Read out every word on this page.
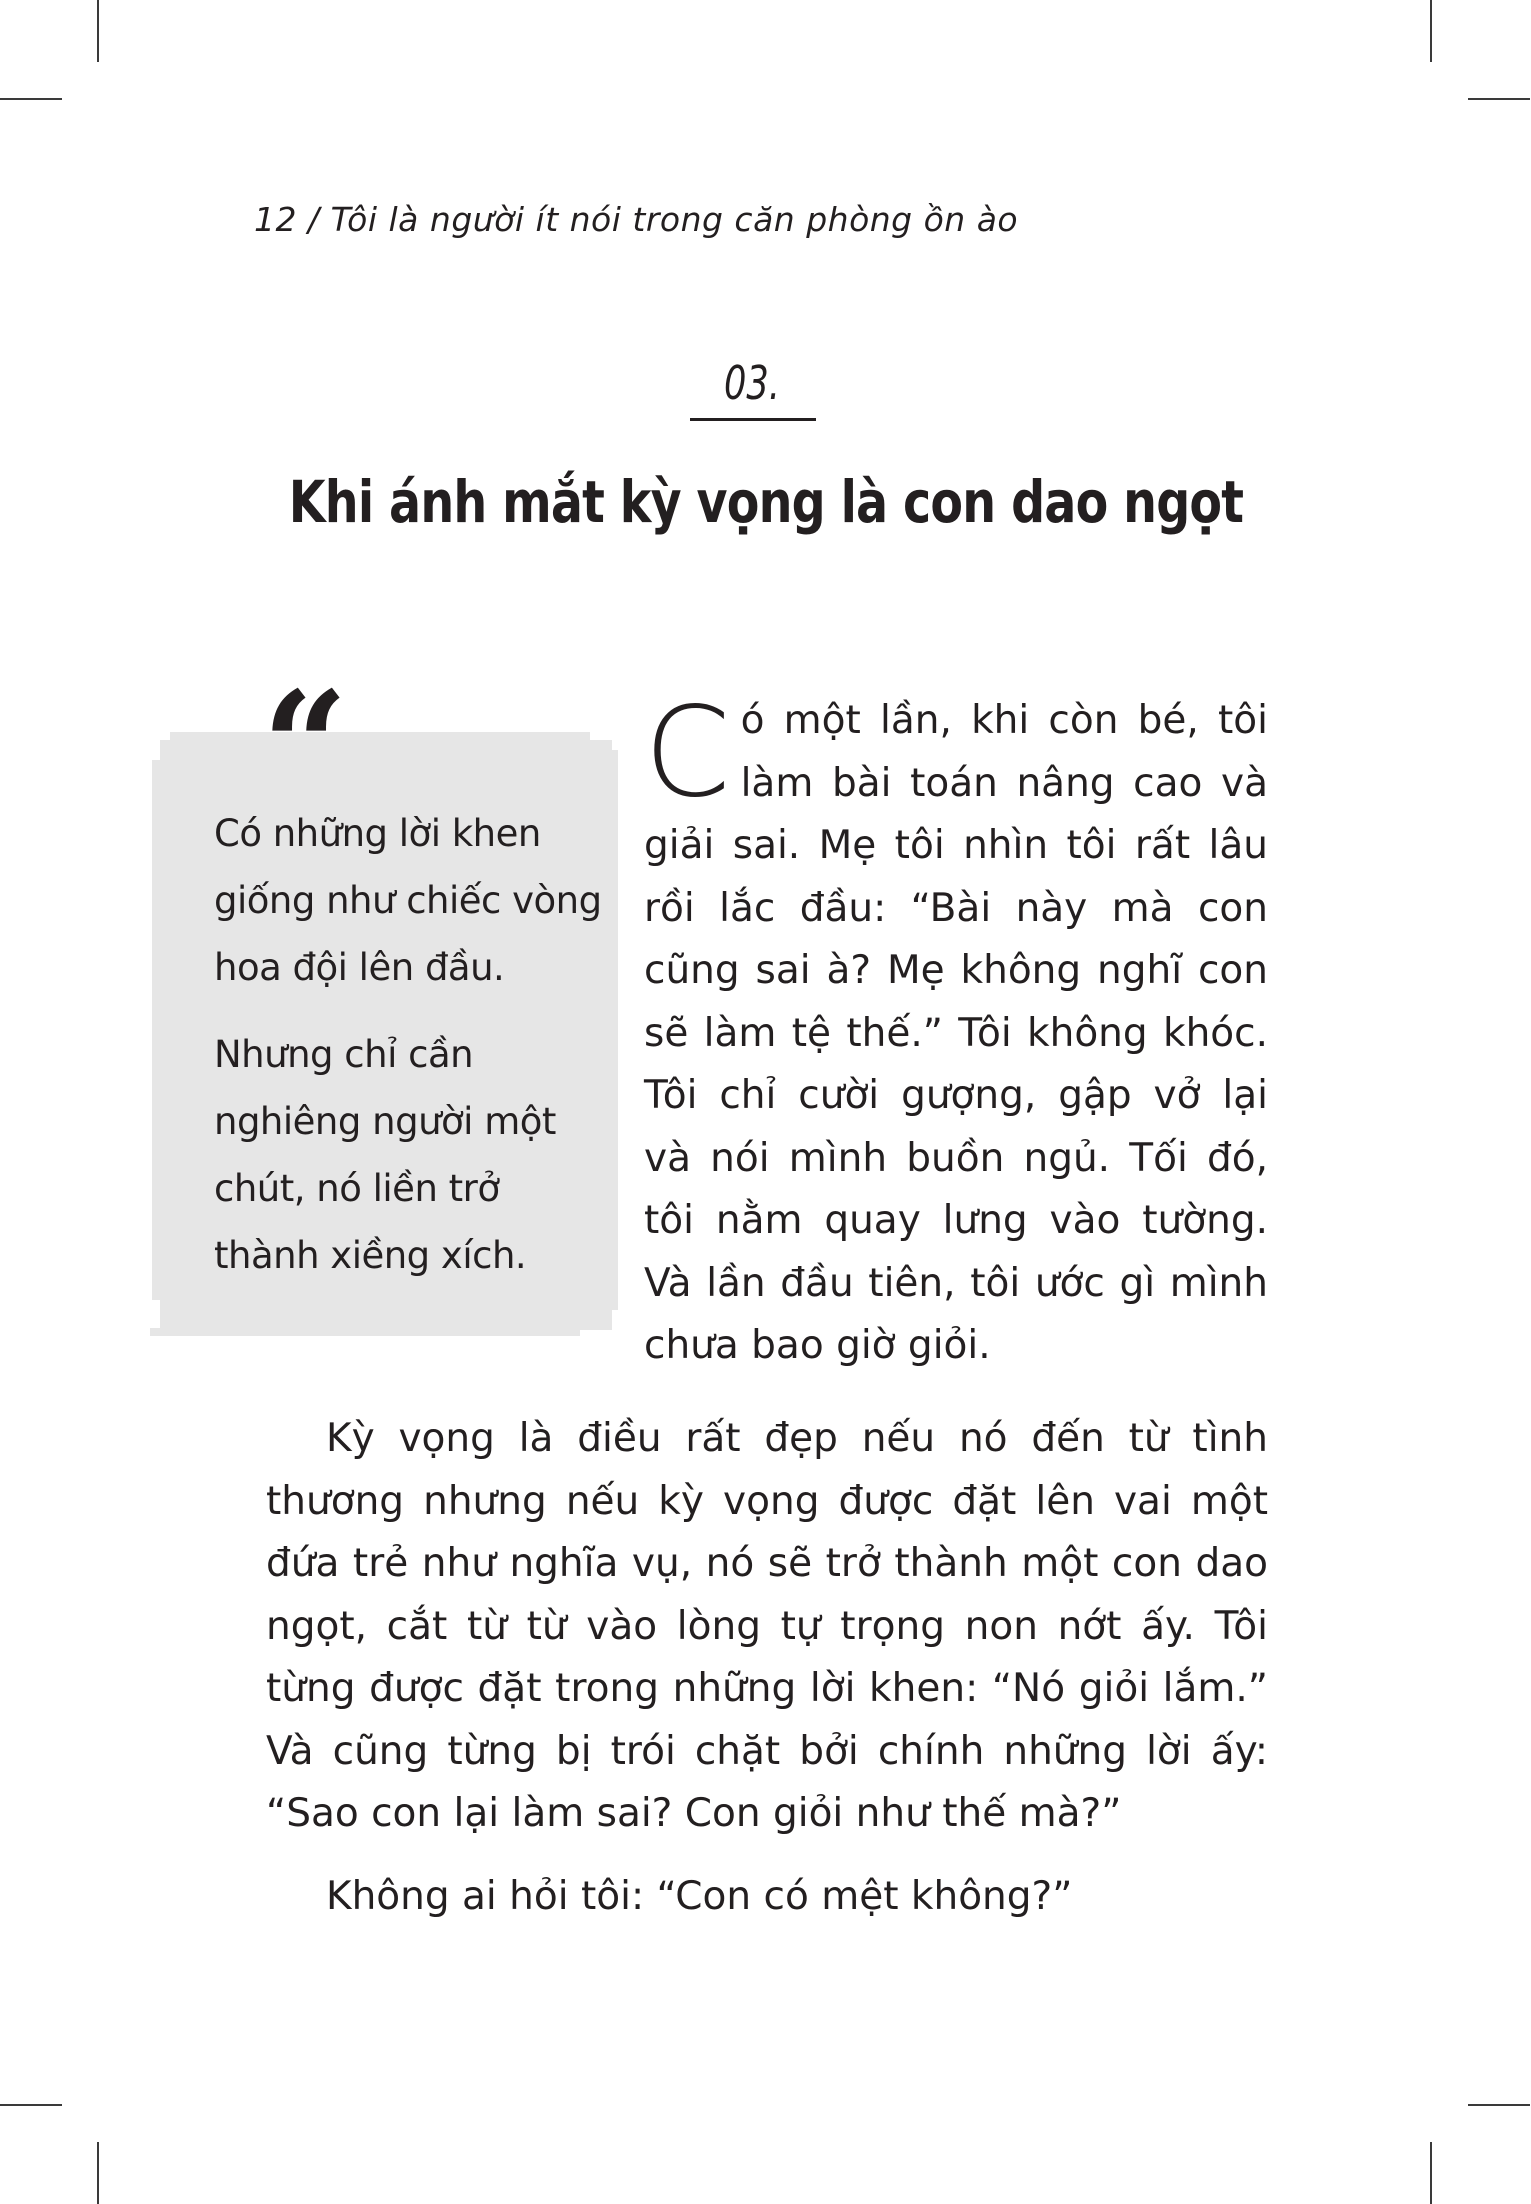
12 / Tôi là người ít nói trong căn phòng ồn ào
03.
Khi ánh mắt kỳ vọng là con dao ngọt
“

Có những lời khen giống như chiếc vòng hoa đội lên đầu.

Nhưng chỉ cần nghiêng người một chút, nó liền trở thành xiềng xích.

Có một lần, khi còn bé, tôi làm bài toán nâng cao và giải sai. Mẹ tôi nhìn tôi rất lâu rồi lắc đầu: “Bài này mà con cũng sai à? Mẹ không nghĩ con sẽ làm tệ thế.” Tôi không khóc. Tôi chỉ cười gượng, gập vở lại và nói mình buồn ngủ. Tối đó, tôi nằm quay lưng vào tường. Và lần đầu tiên, tôi ước gì mình chưa bao giờ giỏi.
Kỳ vọng là điều rất đẹp nếu nó đến từ tình thương nhưng nếu kỳ vọng được đặt lên vai một đứa trẻ như nghĩa vụ, nó sẽ trở thành một con dao ngọt, cắt từ từ vào lòng tự trọng non nớt ấy. Tôi từng được đặt trong những lời khen: “Nó giỏi lắm.” Và cũng từng bị trói chặt bởi chính những lời ấy: “Sao con lại làm sai? Con giỏi như thế mà?”
Không ai hỏi tôi: “Con có mệt không?”
